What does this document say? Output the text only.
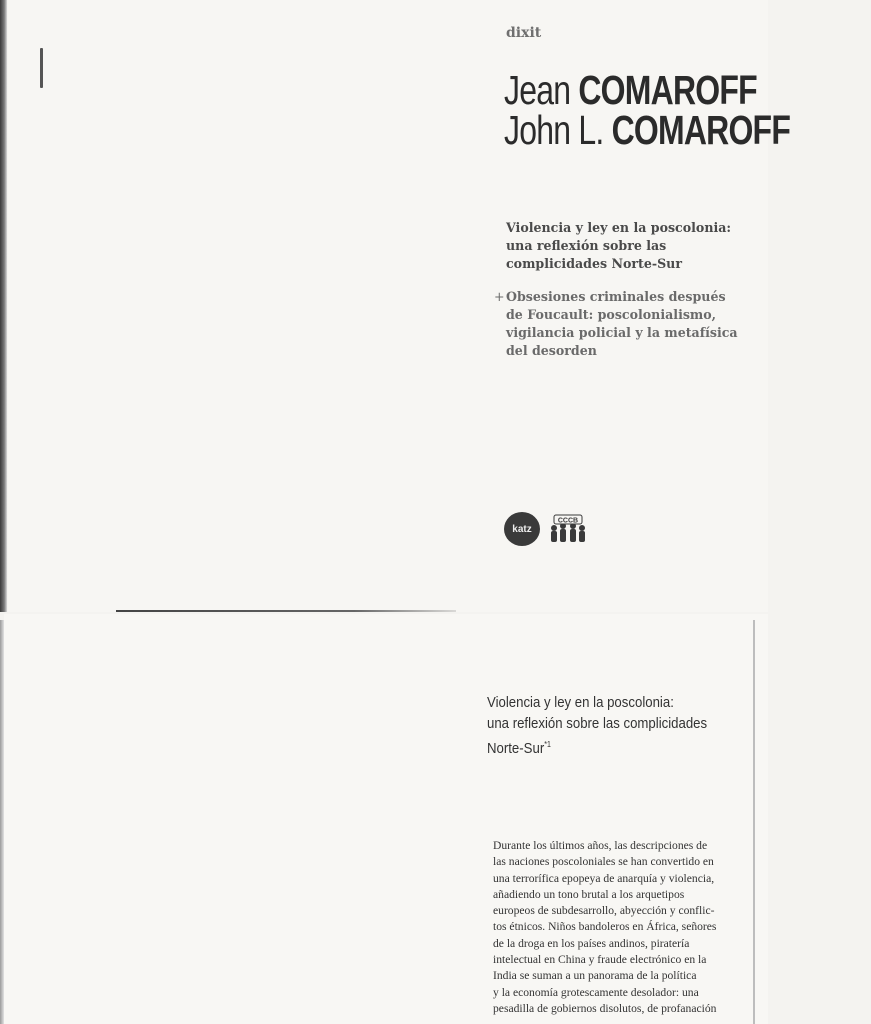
dixit
Jean COMAROFF
John L. COMAROFF
Violencia y ley en la poscolonia:
una reflexión sobre las
complicidades Norte-Sur
+Obsesiones criminales después
de Foucault: poscolonialismo,
vigilancia policial y la metafísica
del desorden
katz
CCCB
Violencia y ley en la poscolonia:
una reflexión sobre las complicidades
Norte-Sur$^{*1}$
Durante los últimos años, las descripciones de
las naciones poscoloniales se han convertido en
una terrorífica epopeya de anarquía y violencia,
añadiendo un tono brutal a los arquetipos
europeos de subdesarrollo, abyección y conflic-
tos étnicos. Niños bandoleros en África, señores
de la droga en los países andinos, piratería
intelectual en China y fraude electrónico en la
India se suman a un panorama de la política
y la economía grotescamente desolador: una
pesadilla de gobiernos disolutos, de profanación
